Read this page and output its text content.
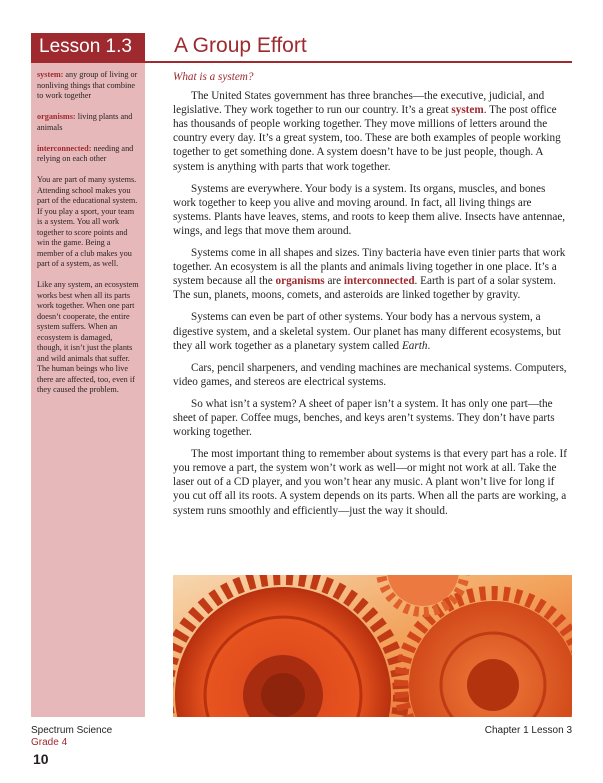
Lesson 1.3	A Group Effort

system: any group of living or nonliving things that combine to work together

organisms: living plants and animals

interconnected: needing and relying on each other

You are part of many systems. Attending school makes you part of the educational system. If you play a sport, your team is a system. You all work together to score points and win the game. Being a member of a club makes you part of a system, as well.

Like any system, an ecosystem works best when all its parts work together. When one part doesn’t cooperate, the entire system suffers. When an ecosystem is damaged, though, it isn’t just the plants and wild animals that suffer. The human beings who live there are affected, too, even if they caused the problem.

What is a system?

The United States government has three branches—the executive, judicial, and legislative. They work together to run our country. It’s a great system. The post office has thousands of people working together. They move millions of letters around the country every day. It’s a great system, too. These are both examples of people working together to get something done. A system doesn’t have to be just people, though. A system is anything with parts that work together.

Systems are everywhere. Your body is a system. Its organs, muscles, and bones work together to keep you alive and moving around. In fact, all living things are systems. Plants have leaves, stems, and roots to keep them alive. Insects have antennae, wings, and legs that move them around.

Systems come in all shapes and sizes. Tiny bacteria have even tinier parts that work together. An ecosystem is all the plants and animals living together in one place. It’s a system because all the organisms are interconnected. Earth is part of a solar system. The sun, planets, moons, comets, and asteroids are linked together by gravity.

Systems can even be part of other systems. Your body has a nervous system, a digestive system, and a skeletal system. Our planet has many different ecosystems, but they all work together as a planetary system called Earth.

Cars, pencil sharpeners, and vending machines are mechanical systems. Computers, video games, and stereos are electrical systems.

So what isn’t a system? A sheet of paper isn’t a system. It has only one part—the sheet of paper. Coffee mugs, benches, and keys aren’t systems. They don’t have parts working together.

The most important thing to remember about systems is that every part has a role. If you remove a part, the system won’t work as well—or might not work at all. Take the laser out of a CD player, and you won’t hear any music. A plant won’t live for long if you cut off all its roots. A system depends on its parts. When all the parts are working, a system runs smoothly and efficiently—just the way it should.

Spectrum Science
Grade 4
Chapter 1 Lesson 3
10
